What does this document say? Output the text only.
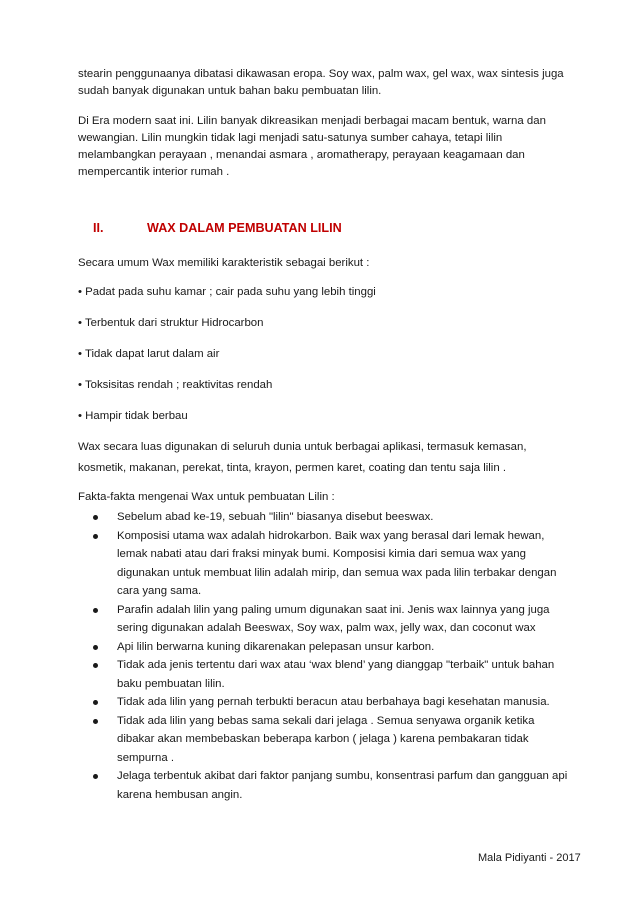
stearin penggunaanya dibatasi dikawasan eropa. Soy wax, palm wax, gel wax, wax sintesis juga sudah banyak digunakan untuk bahan baku pembuatan lilin.

Di Era modern saat ini. Lilin banyak dikreasikan menjadi berbagai macam bentuk, warna dan wewangian. Lilin mungkin tidak lagi menjadi satu-satunya sumber cahaya, tetapi lilin melambangkan perayaan , menandai asmara , aromatherapy, perayaan keagamaan dan mempercantik interior rumah .

II.	WAX DALAM PEMBUATAN LILIN

Secara umum Wax memiliki karakteristik sebagai berikut :

• Padat pada suhu kamar ; cair pada suhu yang lebih tinggi

• Terbentuk dari struktur Hidrocarbon

• Tidak dapat larut dalam air

• Toksisitas rendah ; reaktivitas rendah

• Hampir tidak berbau

Wax secara luas digunakan di seluruh dunia untuk berbagai aplikasi, termasuk kemasan, kosmetik, makanan, perekat, tinta, krayon, permen karet, coating dan tentu saja lilin .

Fakta-fakta mengenai Wax untuk pembuatan Lilin :

Sebelum abad ke-19, sebuah "lilin" biasanya disebut beeswax.
Komposisi utama wax adalah hidrokarbon. Baik wax yang berasal dari lemak hewan, lemak nabati atau dari fraksi minyak bumi. Komposisi kimia dari semua wax yang digunakan untuk membuat lilin adalah mirip, dan semua wax pada lilin terbakar dengan cara yang sama.
Parafin adalah lilin yang paling umum digunakan saat ini. Jenis wax lainnya yang juga sering digunakan adalah Beeswax, Soy wax, palm wax, jelly wax, dan coconut wax
Api lilin berwarna kuning dikarenakan pelepasan unsur karbon.
Tidak ada jenis tertentu dari wax atau ‘wax blend’ yang dianggap "terbaik" untuk bahan baku pembuatan lilin.
Tidak ada lilin yang pernah terbukti beracun atau berbahaya bagi kesehatan manusia.
Tidak ada lilin yang bebas sama sekali dari jelaga . Semua senyawa organik ketika dibakar akan membebaskan beberapa karbon ( jelaga ) karena pembakaran tidak sempurna .
Jelaga terbentuk akibat dari faktor panjang sumbu, konsentrasi parfum dan gangguan api karena hembusan angin.
Mala Pidiyanti - 2017
